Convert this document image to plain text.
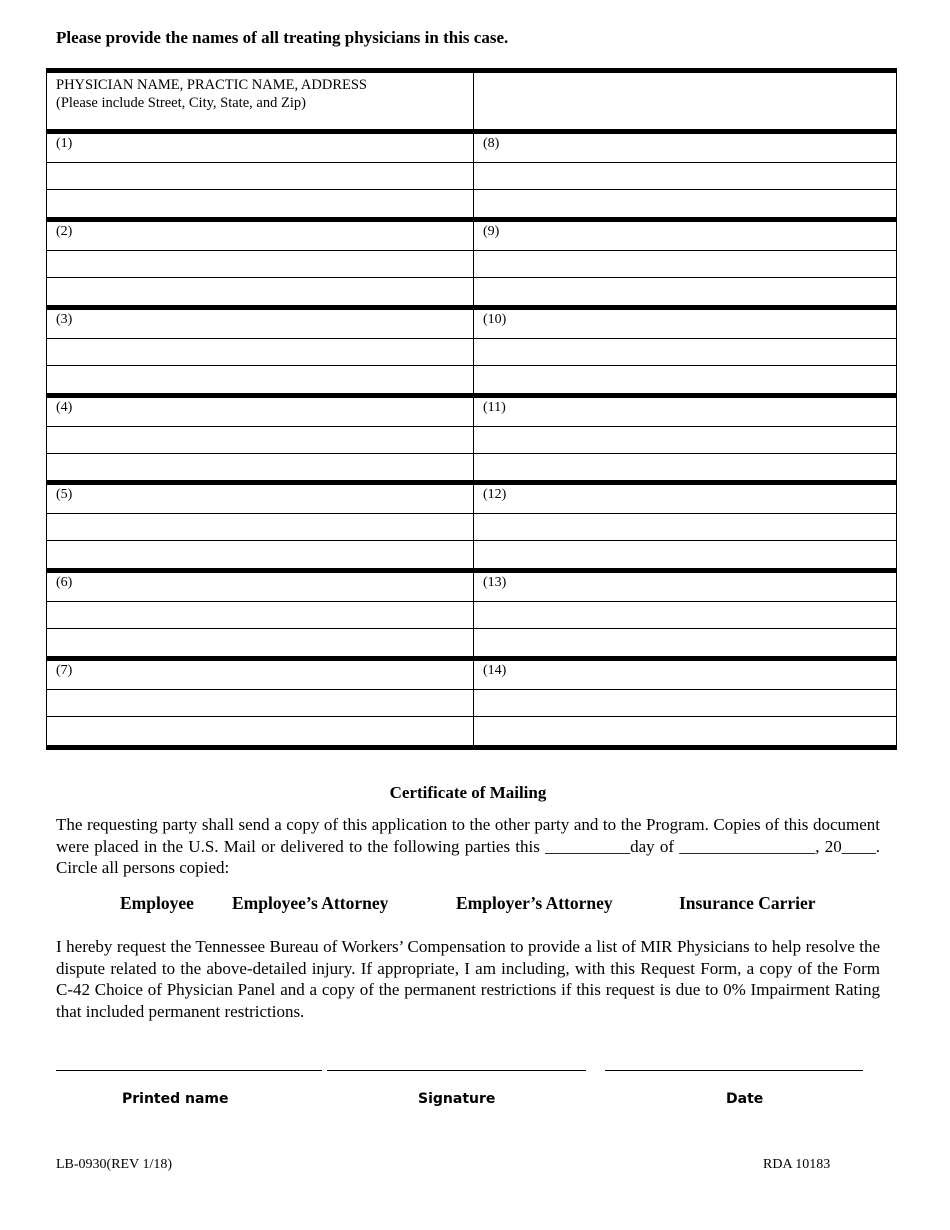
Please provide the names of all treating physicians in this case.
PHYSICIAN NAME, PRACTIC NAME, ADDRESS
(Please include Street, City, State, and Zip)
(1)	(8)
(2)	(9)
(3)	(10)
(4)	(11)
(5)	(12)
(6)	(13)
(7)	(14)
Certificate of Mailing
The requesting party shall send a copy of this application to the other party and to the Program. Copies of this document were placed in the U.S. Mail or delivered to the following parties this __________day of ________________, 20____. Circle all persons copied:
Employee Employee’s Attorney	Employer’s Attorney	Insurance Carrier
I hereby request the Tennessee Bureau of Workers’ Compensation to provide a list of MIR Physicians to help resolve the dispute related to the above-detailed injury. If appropriate, I am including, with this Request Form, a copy of the Form C-42 Choice of Physician Panel and a copy of the permanent restrictions if this request is due to 0% Impairment Rating that included permanent restrictions.
Printed name	Signature	Date
LB-0930(REV 1/18)	RDA 10183
